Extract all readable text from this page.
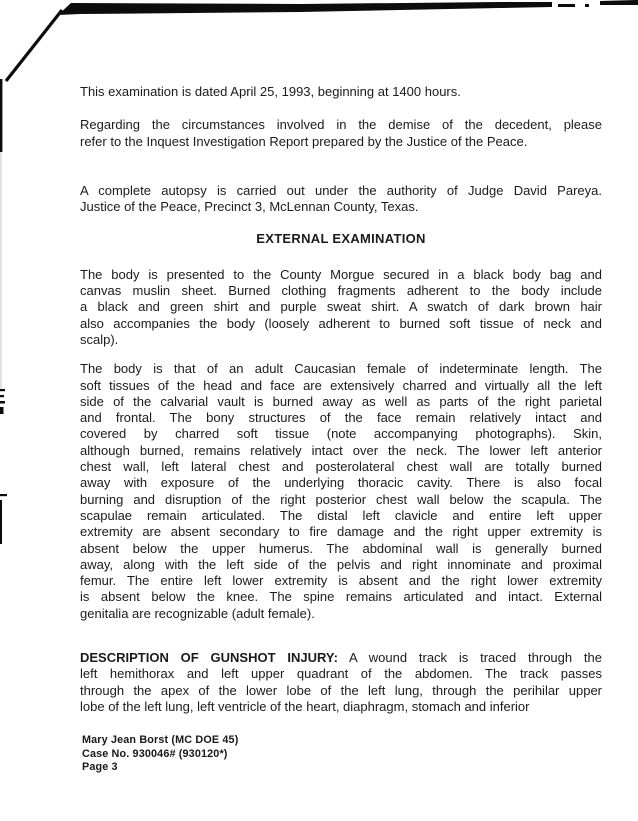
This examination is dated April 25, 1993, beginning at 1400 hours.
Regarding the circumstances involved in the demise of the decedent, please
refer to the Inquest Investigation Report prepared by the Justice of the Peace.
A complete autopsy is carried out under the authority of Judge David Pareya.
Justice of the Peace, Precinct 3, McLennan County, Texas.
EXTERNAL EXAMINATION
The body is presented to the County Morgue secured in a black body bag and
canvas muslin sheet. Burned clothing fragments adherent to the body include
a black and green shirt and purple sweat shirt. A swatch of dark brown hair
also accompanies the body (loosely adherent to burned soft tissue of neck and
scalp).
The body is that of an adult Caucasian female of indeterminate length. The
soft tissues of the head and face are extensively charred and virtually all the left
side of the calvarial vault is burned away as well as parts of the right parietal
and frontal. The bony structures of the face remain relatively intact and
covered by charred soft tissue (note accompanying photographs). Skin,
although burned, remains relatively intact over the neck. The lower left anterior
chest wall, left lateral chest and posterolateral chest wall are totally burned
away with exposure of the underlying thoracic cavity. There is also focal
burning and disruption of the right posterior chest wall below the scapula. The
scapulae remain articulated. The distal left clavicle and entire left upper
extremity are absent secondary to fire damage and the right upper extremity is
absent below the upper humerus. The abdominal wall is generally burned
away, along with the left side of the pelvis and right innominate and proximal
femur. The entire left lower extremity is absent and the right lower extremity
is absent below the knee. The spine remains articulated and intact. External
genitalia are recognizable (adult female).
DESCRIPTION OF GUNSHOT INJURY: A wound track is traced through the
left hemithorax and left upper quadrant of the abdomen. The track passes
through the apex of the lower lobe of the left lung, through the perihilar upper
lobe of the left lung, left ventricle of the heart, diaphragm, stomach and inferior
Mary Jean Borst (MC DOE 45)
Case No. 930046# (930120*)
Page 3
